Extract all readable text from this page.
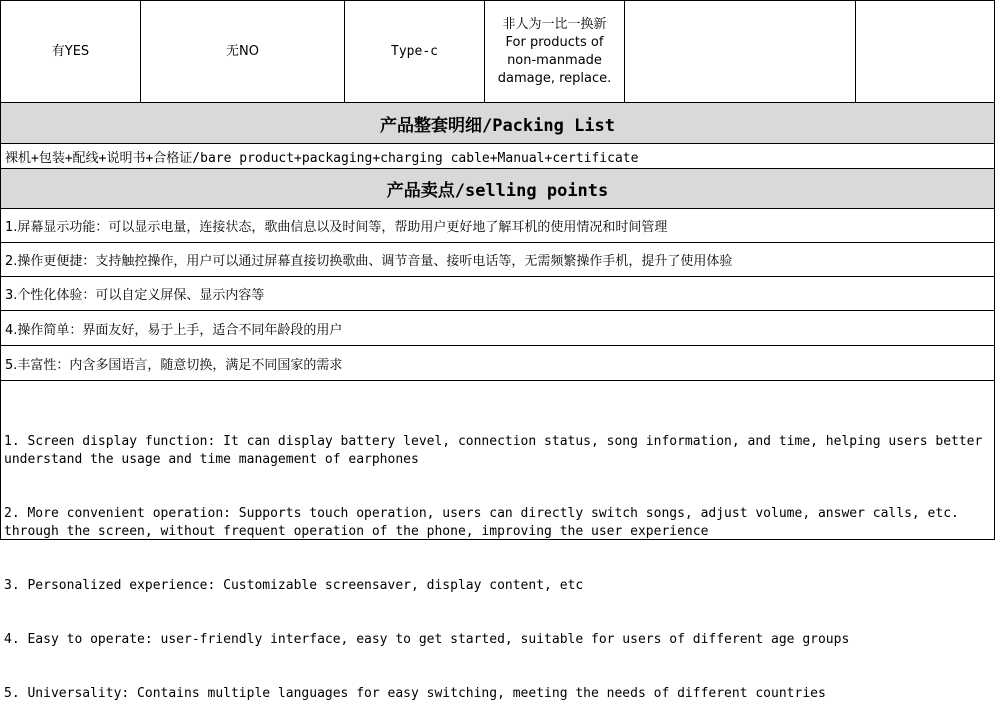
有YES	无NO	Type-c
非人为一比一换新
For products of
non-manmade
damage, replace.
产品整套明细/Packing List
裸机+包装+配线+说明书+合格证/bare product+packaging+charging cable+Manual+certificate
产品卖点/selling points
1.屏幕显示功能：可以显示电量，连接状态，歌曲信息以及时间等，帮助用户更好地了解耳机的使用情况和时间管理
2.操作更便捷：支持触控操作，用户可以通过屏幕直接切换歌曲、调节音量、接听电话等，无需频繁操作手机，提升了使用体验
3.个性化体验：可以自定义屏保、显示内容等
4.操作简单：界面友好，易于上手，适合不同年龄段的用户
5.丰富性：内含多国语言，随意切换，满足不同国家的需求

1. Screen display function: It can display battery level, connection status, song information, and time, helping users better understand the usage and time management of earphones

2. More convenient operation: Supports touch operation, users can directly switch songs, adjust volume, answer calls, etc. through the screen, without frequent operation of the phone, improving the user experience

3. Personalized experience: Customizable screensaver, display content, etc

4. Easy to operate: user-friendly interface, easy to get started, suitable for users of different age groups

5. Universality: Contains multiple languages for easy switching, meeting the needs of different countries
